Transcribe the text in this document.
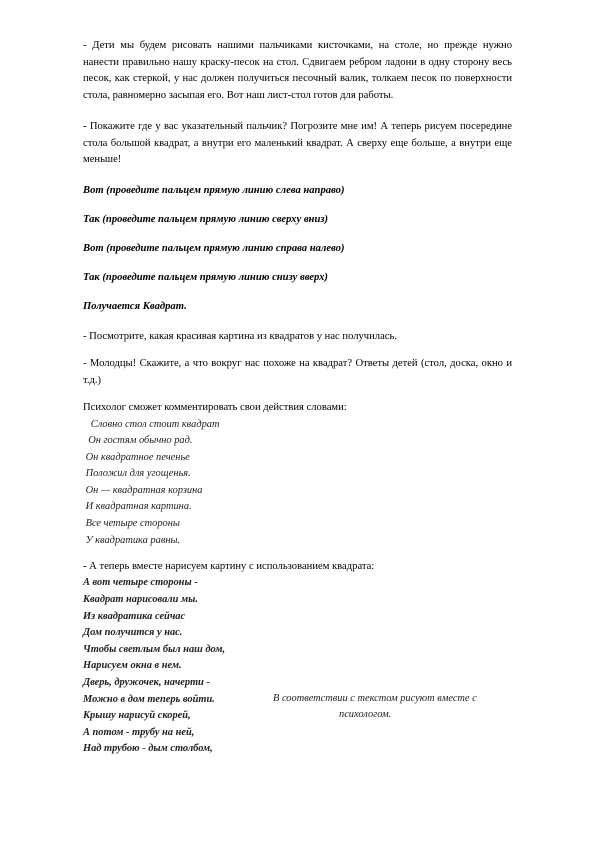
- Дети мы будем рисовать нашими пальчиками кисточками, на столе, но прежде нужно нанести правильно нашу краску-песок на стол. Сдвигаем ребром ладони в одну сторону весь песок, как стеркой, у нас должен получиться песочный валик, толкаем песок по поверхности стола, равномерно засыпая его. Вот наш лист-стол готов для работы.

- Покажите где у вас указательный пальчик? Погрозите мне им! А теперь рисуем посередине стола большой квадрат, а внутри его маленький квадрат. А сверху еще больше, а внутри еще меньше!

Вот (проведите пальцем прямую линию слева направо)

Так (проведите пальцем прямую линию сверху вниз)

Вот (проведите пальцем прямую линию справа налево)

Так (проведите пальцем прямую линию снизу вверх)

Получается Квадрат.

- Посмотрите, какая красивая картина из квадратов у нас получилась.

- Молодцы! Скажите, а что вокруг нас похоже на квадрат? Ответы детей (стол, доска, окно и т.д.)

Психолог сможет комментировать свои действия словами:

Словно стол стоит квадрат
Он гостям обычно рад.
Он квадратное печенье
Положил для угощенья.
Он — квадратная корзина
И квадратная картина.
Все четыре стороны
У квадратика равны.

- А теперь вместе нарисуем картину с использованием квадрата:

А вот четыре стороны -
Квадрат нарисовали мы.
Из квадратика сейчас
Дом получится у нас.
Чтобы светлым был наш дом,
Нарисуем окна в нем.
Дверь, дружочек, начерти -
Можно в дом теперь войти.
Крышу нарисуй скорей,
А потом - трубу на ней,
Над трубою - дым столбом,
В соответствии с текстом рисуют вместе с
психологом.
